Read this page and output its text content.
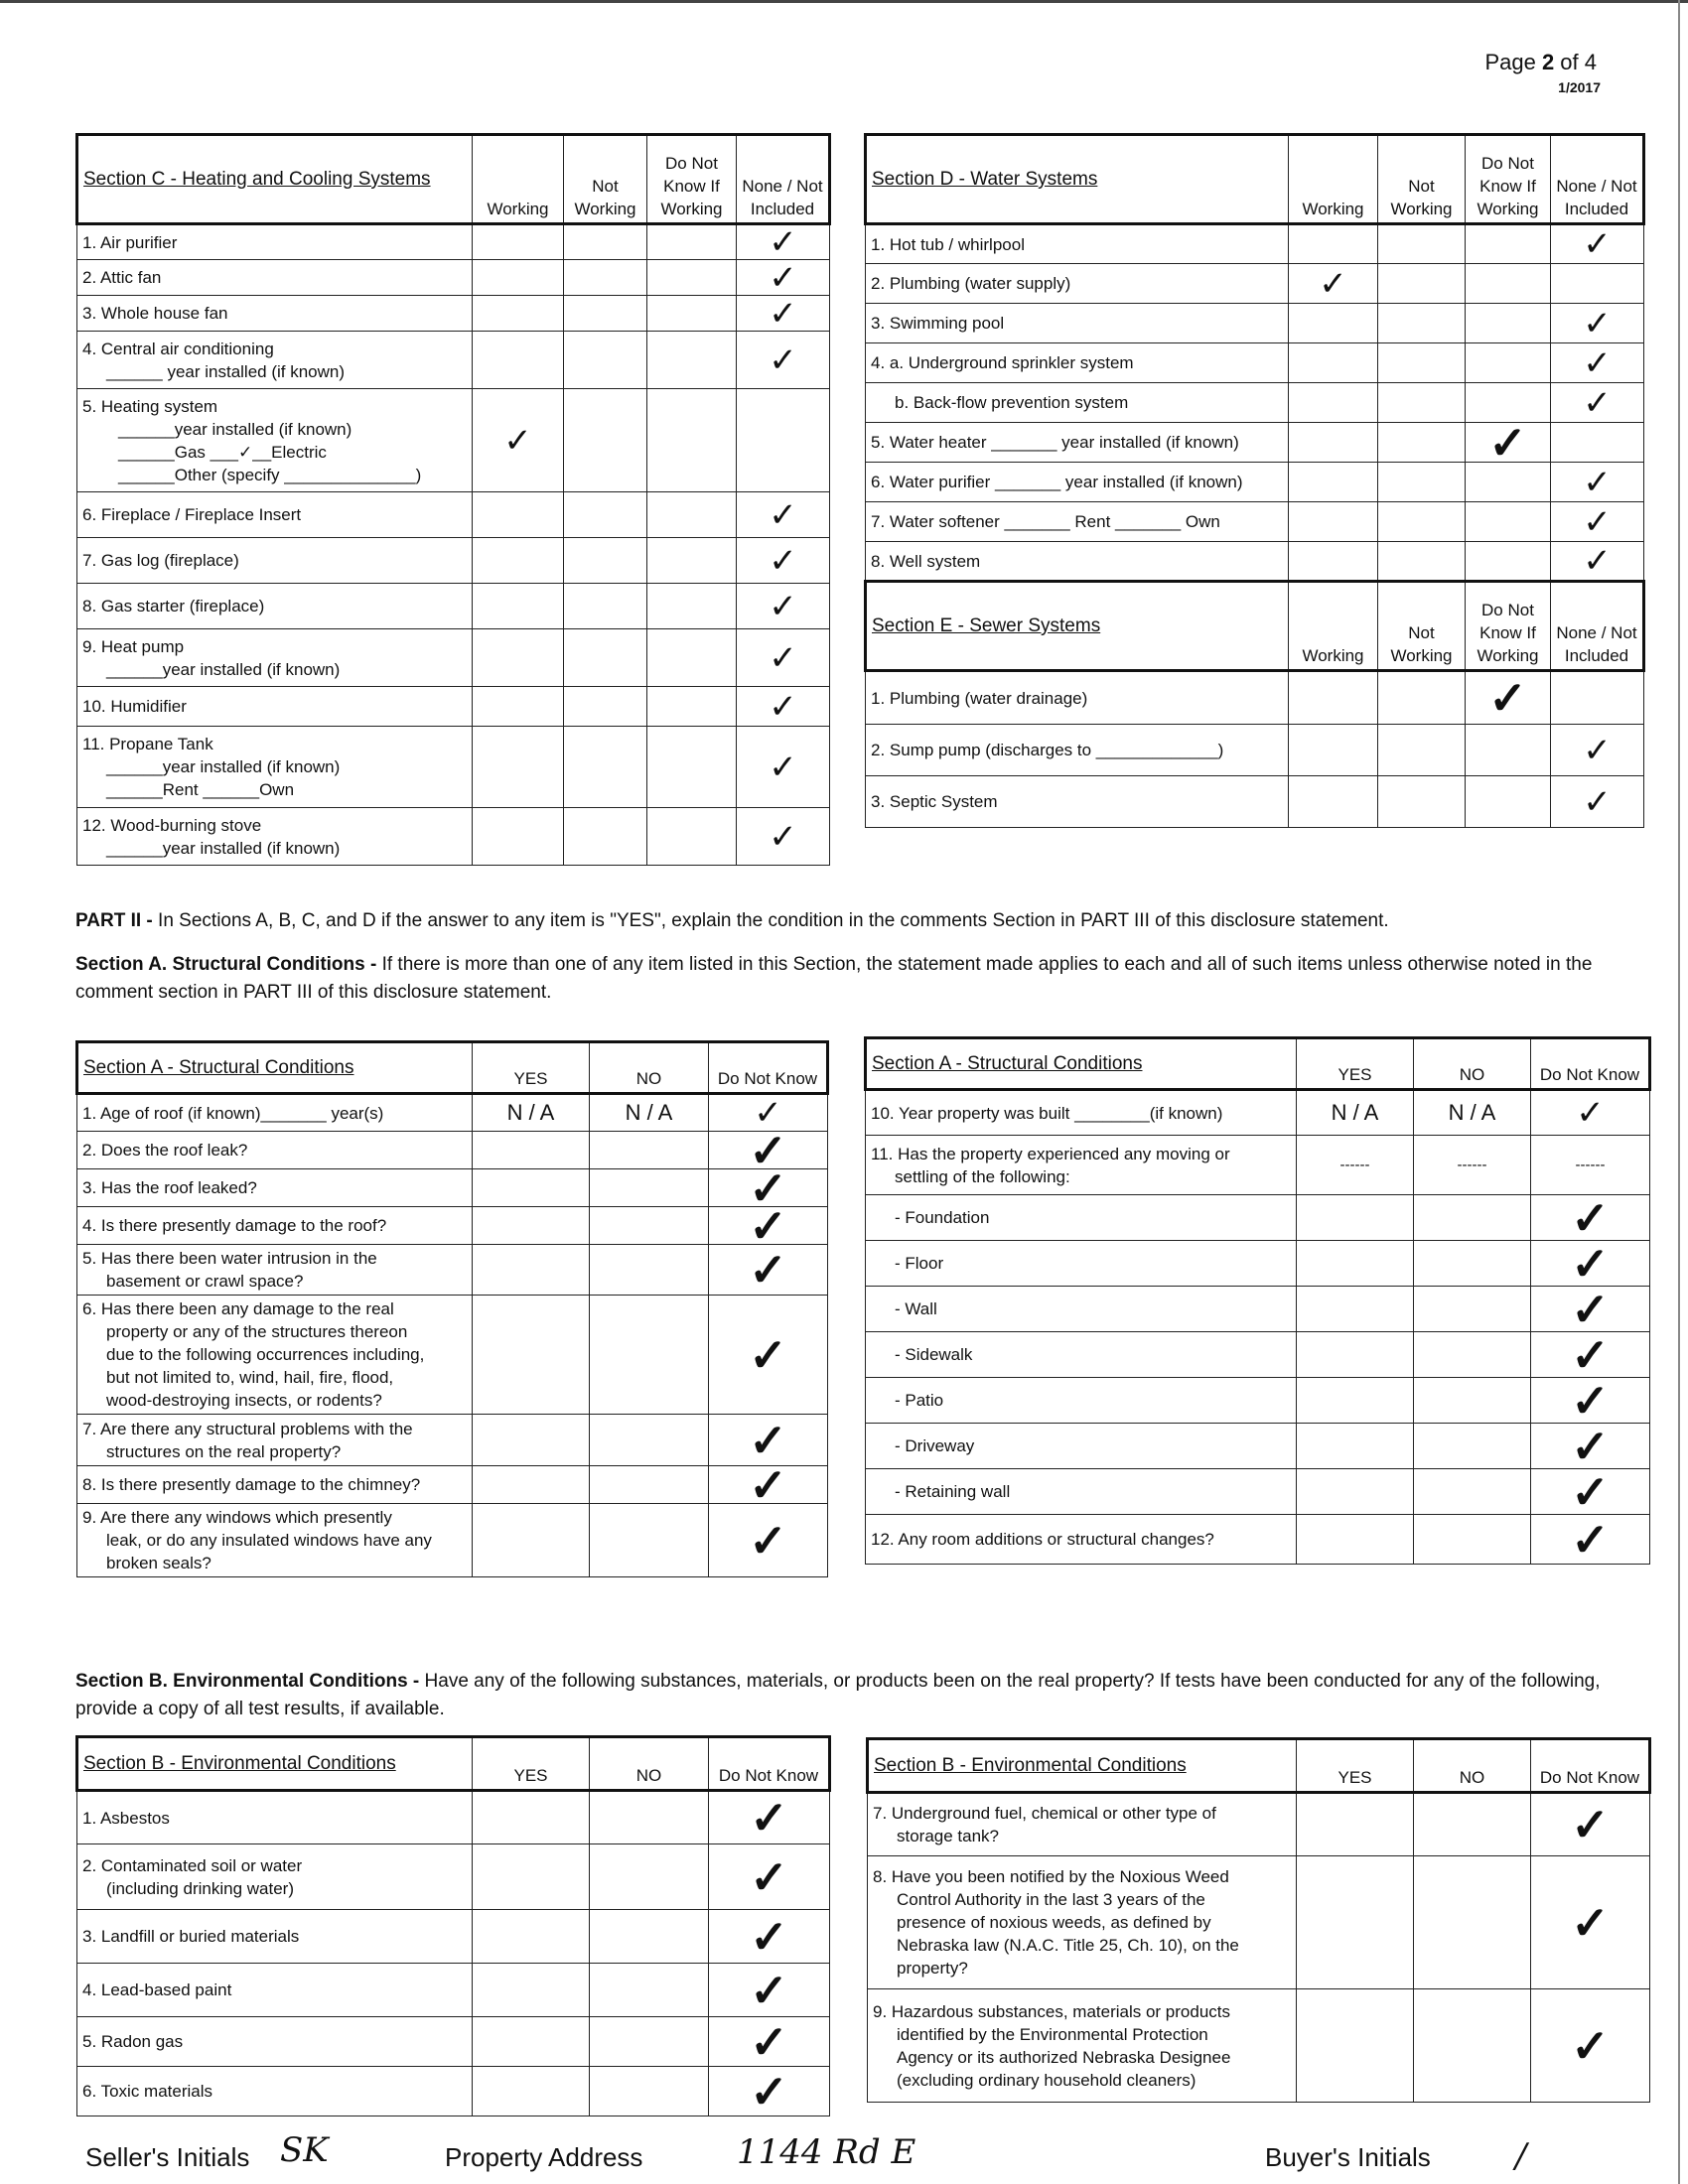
Page 2 of 4
1/2017
Section C - Heating and Cooling Systems	Working	Not Working	Do Not Know If Working	None / Not Included
1. Air purifier				✓
2. Attic fan				✓
3. Whole house fan				✓
4. Central air conditioning
______ year installed (if known)				✓
5. Heating system
______year installed (if known)
______Gas ___✓__Electric
______Other (specify ______________)	✓			
6. Fireplace / Fireplace Insert				✓
7. Gas log (fireplace)				✓
8. Gas starter (fireplace)				✓
9. Heat pump
______year installed (if known)				✓
10. Humidifier				✓
11. Propane Tank
______year installed (if known)
______Rent ______Own				✓
12. Wood-burning stove
______year installed (if known)				✓
Section D - Water Systems	Working	Not Working	Do Not Know If Working	None / Not Included
1. Hot tub / whirlpool				✓
2. Plumbing (water supply)	✓			
3. Swimming pool				✓
4. a. Underground sprinkler system				✓

b. Back-flow prevention system				✓
5. Water heater _______ year installed (if known)			✓	
6. Water purifier _______ year installed (if known)				✓
7. Water softener _______ Rent _______ Own				✓
8. Well system				✓
Section E - Sewer Systems	Working	Not Working	Do Not Know If Working	None / Not Included
1. Plumbing (water drainage)			✓	
2. Sump pump (discharges to _____________)				✓
3. Septic System				✓
PART II - In Sections A, B, C, and D if the answer to any item is "YES", explain the condition in the comments Section in PART III of this disclosure statement.
Section A. Structural Conditions - If there is more than one of any item listed in this Section, the statement made applies to each and all of such items unless otherwise noted in the comment section in PART III of this disclosure statement.
Section A - Structural Conditions	YES	NO	Do Not Know
1. Age of roof (if known)_______ year(s)	N / A	N / A	✓
2. Does the roof leak?			✓
3. Has the roof leaked?			✓
4. Is there presently damage to the roof?			✓
5. Has there been water intrusion in the
basement or crawl space?			✓
6. Has there been any damage to the real
property or any of the structures thereon
due to the following occurrences including,
but not limited to, wind, hail, fire, flood,
wood-destroying insects, or rodents?			✓
7. Are there any structural problems with the
structures on the real property?			✓
8. Is there presently damage to the chimney?			✓
9. Are there any windows which presently
leak, or do any insulated windows have any
broken seals?			✓
Section A - Structural Conditions	YES	NO	Do Not Know
10. Year property was built ________(if known)	N / A	N / A	✓
11. Has the property experienced any moving or
settling of the following:	------	------	------

- Foundation			✓

- Floor			✓

- Wall			✓

- Sidewalk			✓

- Patio			✓

- Driveway			✓

- Retaining wall			✓
12. Any room additions or structural changes?			✓
Section B. Environmental Conditions - Have any of the following substances, materials, or products been on the real property? If tests have been conducted for any of the following, provide a copy of all test results, if available.
Section B - Environmental Conditions	YES	NO	Do Not Know
1. Asbestos			✓
2. Contaminated soil or water
(including drinking water)			✓
3. Landfill or buried materials			✓
4. Lead-based paint			✓
5. Radon gas			✓
6. Toxic materials			✓
Section B - Environmental Conditions	YES	NO	Do Not Know
7. Underground fuel, chemical or other type of
storage tank?			✓
8. Have you been notified by the Noxious Weed
Control Authority in the last 3 years of the
presence of noxious weeds, as defined by
Nebraska law (N.A.C. Title 25, Ch. 10), on the
property?			✓
9. Hazardous substances, materials or products
identified by the Environmental Protection
Agency or its authorized Nebraska Designee
(excluding ordinary household cleaners)			✓
Seller's Initials SK	Property Address	1144 Rd E	Buyer's Initials	/
